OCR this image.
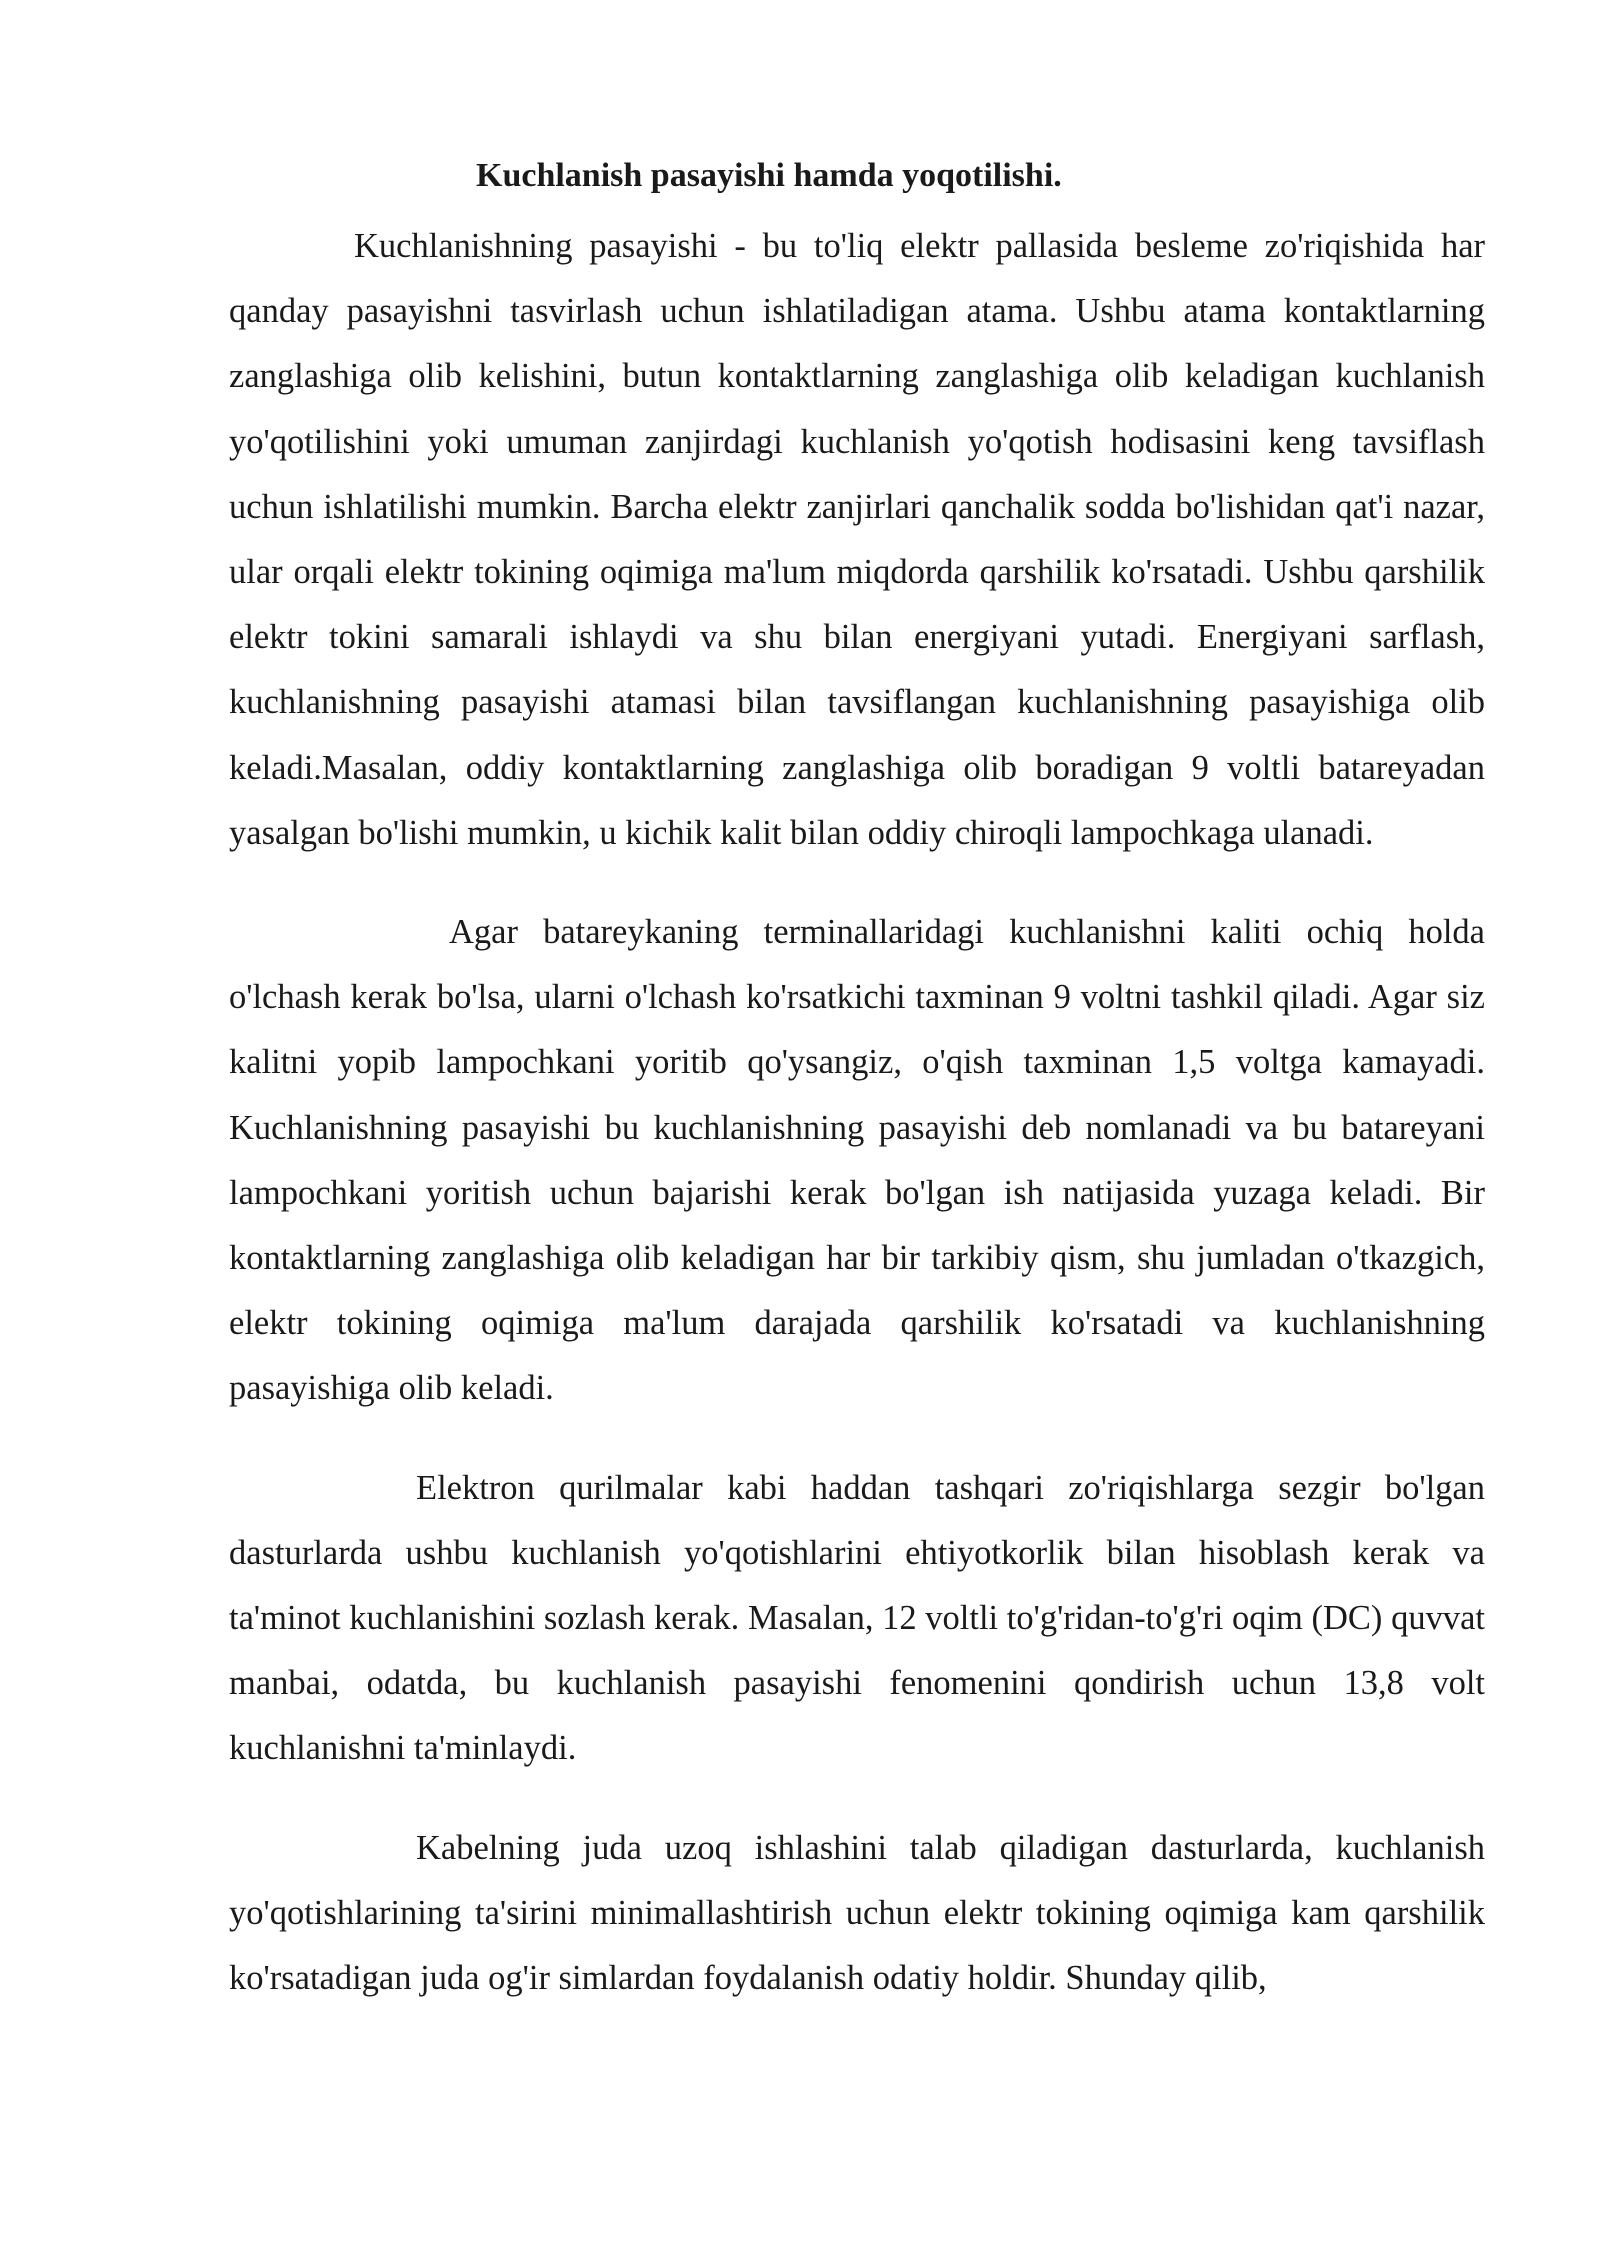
Kuchlanish pasayishi hamda yoqotilishi.

Kuchlanishning pasayishi - bu to'liq elektr pallasida besleme zo'riqishida har qanday pasayishni tasvirlash uchun ishlatiladigan atama. Ushbu atama kontaktlarning zanglashiga olib kelishini, butun kontaktlarning zanglashiga olib keladigan kuchlanish yo'qotilishini yoki umuman zanjirdagi kuchlanish yo'qotish hodisasini keng tavsiflash uchun ishlatilishi mumkin. Barcha elektr zanjirlari qanchalik sodda bo'lishidan qat'i nazar, ular orqali elektr tokining oqimiga ma'lum miqdorda qarshilik ko'rsatadi. Ushbu qarshilik elektr tokini samarali ishlaydi va shu bilan energiyani yutadi. Energiyani sarflash, kuchlanishning pasayishi atamasi bilan tavsiflangan kuchlanishning pasayishiga olib keladi.Masalan, oddiy kontaktlarning zanglashiga olib boradigan 9 voltli batareyadan yasalgan bo'lishi mumkin, u kichik kalit bilan oddiy chiroqli lampochkaga ulanadi.

Agar batareykaning terminallaridagi kuchlanishni kaliti ochiq holda o'lchash kerak bo'lsa, ularni o'lchash ko'rsatkichi taxminan 9 voltni tashkil qiladi. Agar siz kalitni yopib lampochkani yoritib qo'ysangiz, o'qish taxminan 1,5 voltga kamayadi. Kuchlanishning pasayishi bu kuchlanishning pasayishi deb nomlanadi va bu batareyani lampochkani yoritish uchun bajarishi kerak bo'lgan ish natijasida yuzaga keladi. Bir kontaktlarning zanglashiga olib keladigan har bir tarkibiy qism, shu jumladan o'tkazgich, elektr tokining oqimiga ma'lum darajada qarshilik ko'rsatadi va kuchlanishning pasayishiga olib keladi.

Elektron qurilmalar kabi haddan tashqari zo'riqishlarga sezgir bo'lgan dasturlarda ushbu kuchlanish yo'qotishlarini ehtiyotkorlik bilan hisoblash kerak va ta'minot kuchlanishini sozlash kerak. Masalan, 12 voltli to'g'ridan-to'g'ri oqim (DC) quvvat manbai, odatda, bu kuchlanish pasayishi fenomenini qondirish uchun 13,8 volt kuchlanishni ta'minlaydi.

Kabelning juda uzoq ishlashini talab qiladigan dasturlarda, kuchlanish yo'qotishlarining ta'sirini minimallashtirish uchun elektr tokining oqimiga kam qarshilik ko'rsatadigan juda og'ir simlardan foydalanish odatiy holdir. Shunday qilib,
